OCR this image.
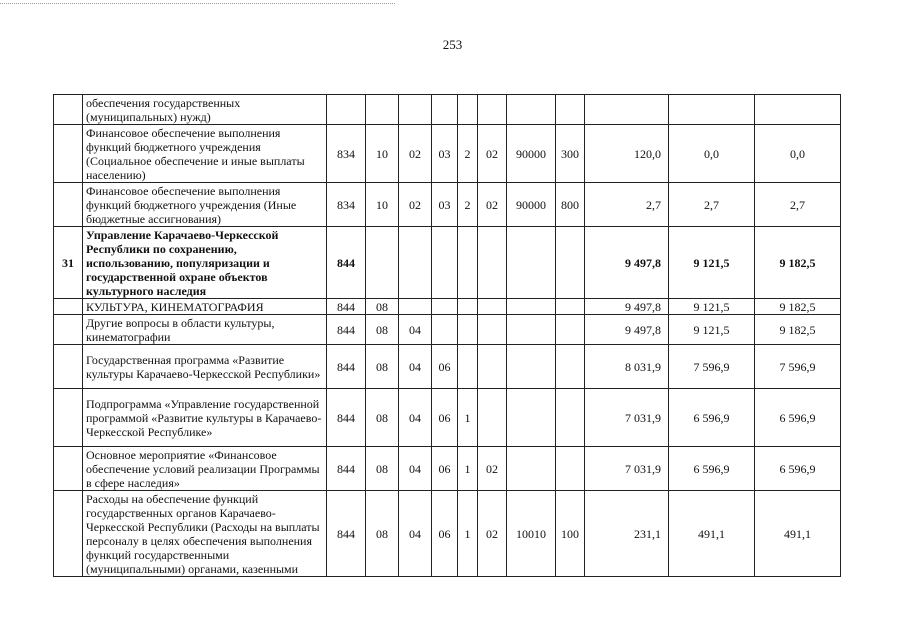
253
	обеспечения государственных (муниципальных) нужд)											
	Финансовое обеспечение выполнения функций бюджетного учреждения (Социальное обеспечение и иные выплаты населению)	834	10	02	03	2	02	90000	300	120,0	0,0	0,0
	Финансовое обеспечение выполнения функций бюджетного учреждения (Иные бюджетные ассигнования)	834	10	02	03	2	02	90000	800	2,7	2,7	2,7
31	Управление Карачаево-Черкесской Республики по сохранению, использованию, популяризации и государственной охране объектов культурного наследия	844								9 497,8	9 121,5	9 182,5
	КУЛЬТУРА, КИНЕМАТОГРАФИЯ	844	08							9 497,8	9 121,5	9 182,5
	Другие вопросы в области культуры, кинематографии	844	08	04						9 497,8	9 121,5	9 182,5
	Государственная программа «Развитие культуры Карачаево-Черкесской Республики»	844	08	04	06					8 031,9	7 596,9	7 596,9
	Подпрограмма «Управление государственной программой «Развитие культуры в Карачаево-Черкесской Республике»	844	08	04	06	1				7 031,9	6 596,9	6 596,9
	Основное мероприятие «Финансовое обеспечение условий реализации Программы в сфере наследия»	844	08	04	06	1	02			7 031,9	6 596,9	6 596,9
	Расходы на обеспечение функций государственных органов Карачаево-Черкесской Республики (Расходы на выплаты персоналу в целях обеспечения выполнения функций государственными (муниципальными) органами, казенными	844	08	04	06	1	02	10010	100	231,1	491,1	491,1
